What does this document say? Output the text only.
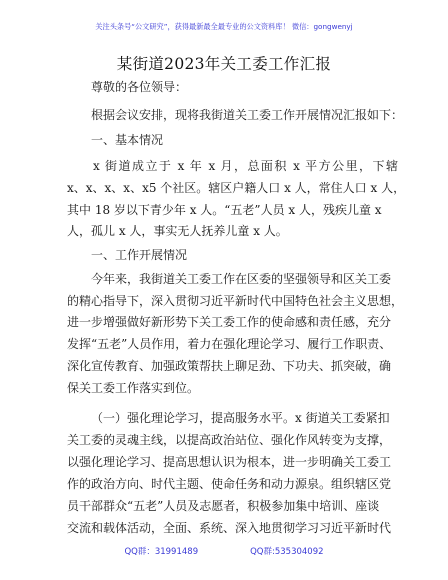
关注头条号“公文研究”，获得最新最全最专业的公文资料库！ 微信：gongwenyj
某街道2023年关工委工作汇报
尊敬的各位领导：
根据会议安排，现将我街道关工委工作开展情况汇报如下：
一、基本情况
x 街道成立于 x 年 x 月，总面积 x 平方公里，下辖
x、x、x、x、x5 个社区。辖区户籍人口 x 人，常住人口 x 人，
其中 18 岁以下青少年 x 人。“五老”人员 x 人，残疾儿童 x
人，孤儿 x 人，事实无人抚养儿童 x 人。
一、工作开展情况
今年来，我街道关工委工作在区委的坚强领导和区关工委
的精心指导下，深入贯彻习近平新时代中国特色社会主义思想，
进一步增强做好新形势下关工委工作的使命感和责任感，充分
发挥“五老”人员作用，着力在强化理论学习、履行工作职责、
深化宣传教育、加强政策帮扶上聊足劲、下功夫、抓突破，确
保关工委工作落实到位。
（一）强化理论学习，提高服务水平。x 街道关工委紧扣
关工委的灵魂主线，以提高政治站位、强化作风转变为支撑，
以强化理论学习、提高思想认识为根本，进一步明确关工委工
作的政治方向、时代主题、使命任务和动力源泉。组织辖区党
员干部群众“五老”人员及志愿者，积极参加集中培训、座谈
交流和载体活动，全面、系统、深入地贯彻学习习近平新时代
QQ群：31991489	QQ群:535304092
